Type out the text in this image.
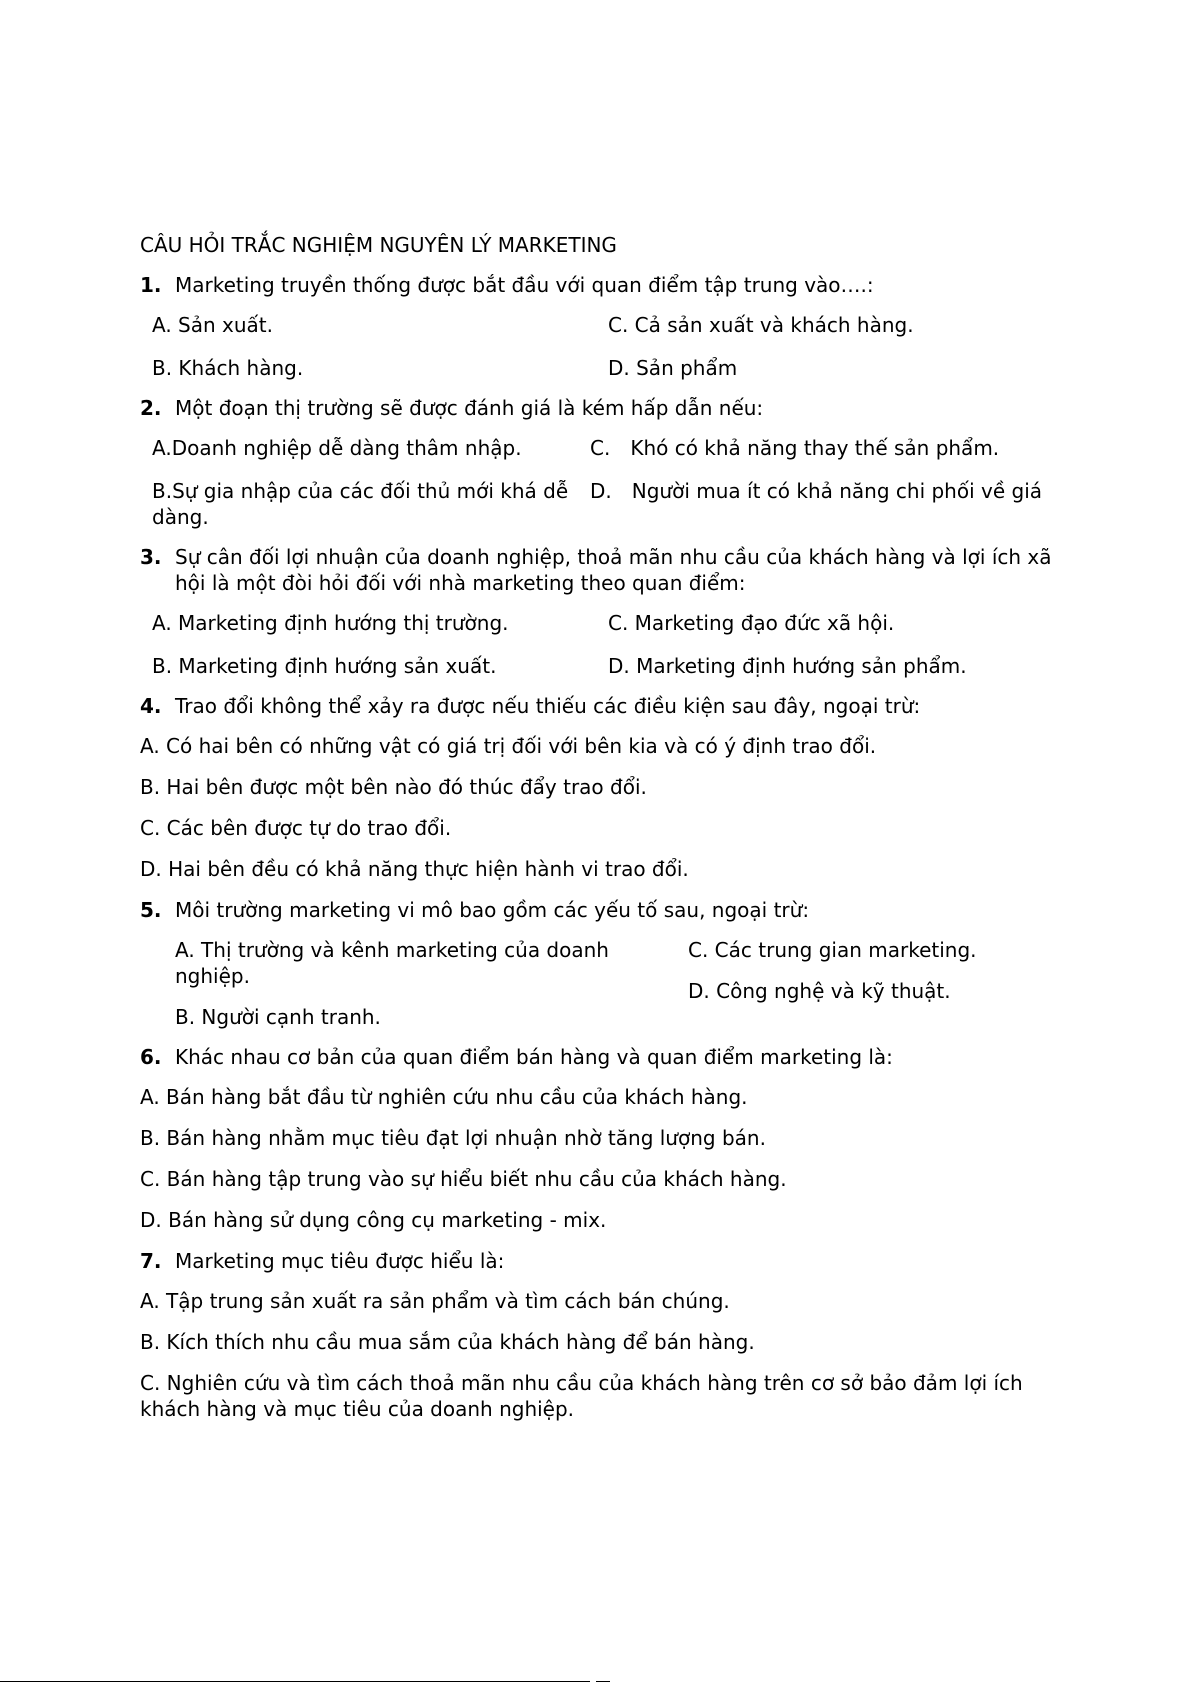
CÂU HỎI TRẮC NGHIỆM NGUYÊN LÝ MARKETING
1. Marketing truyền thống được bắt đầu với quan điểm tập trung vào….:
A. Sản xuất.	C. Cả sản xuất và khách hàng.
B. Khách hàng.	D. Sản phẩm
2. Một đoạn thị trường sẽ được đánh giá là kém hấp dẫn nếu:
A.Doanh nghiệp dễ dàng thâm nhập.	C. Khó có khả năng thay thế sản phẩm.
B.Sự gia nhập của các đối thủ mới khá dễ dàng.
D. Người mua ít có khả năng chi phối về giá
3. Sự cân đối lợi nhuận của doanh nghiệp, thoả mãn nhu cầu của khách hàng và lợi ích xã hội là một đòi hỏi đối với nhà marketing theo quan điểm:
A. Marketing định hướng thị trường.	C. Marketing đạo đức xã hội.
B. Marketing định hướng sản xuất.	D. Marketing định hướng sản phẩm.
4. Trao đổi không thể xảy ra được nếu thiếu các điều kiện sau đây, ngoại trừ:
A. Có hai bên có những vật có giá trị đối với bên kia và có ý định trao đổi.
B. Hai bên được một bên nào đó thúc đẩy trao đổi.
C. Các bên được tự do trao đổi.
D. Hai bên đều có khả năng thực hiện hành vi trao đổi.
5. Môi trường marketing vi mô bao gồm các yếu tố sau, ngoại trừ:
A. Thị trường và kênh marketing của doanh nghiệp.
B. Người cạnh tranh.
C. Các trung gian marketing.
D. Công nghệ và kỹ thuật.
6. Khác nhau cơ bản của quan điểm bán hàng và quan điểm marketing là:
A. Bán hàng bắt đầu từ nghiên cứu nhu cầu của khách hàng.
B. Bán hàng nhằm mục tiêu đạt lợi nhuận nhờ tăng lượng bán.
C. Bán hàng tập trung vào sự hiểu biết nhu cầu của khách hàng.
D. Bán hàng sử dụng công cụ marketing - mix.
7. Marketing mục tiêu được hiểu là:
A. Tập trung sản xuất ra sản phẩm và tìm cách bán chúng.
B. Kích thích nhu cầu mua sắm của khách hàng để bán hàng.
C. Nghiên cứu và tìm cách thoả mãn nhu cầu của khách hàng trên cơ sở bảo đảm lợi ích khách hàng và mục tiêu của doanh nghiệp.
